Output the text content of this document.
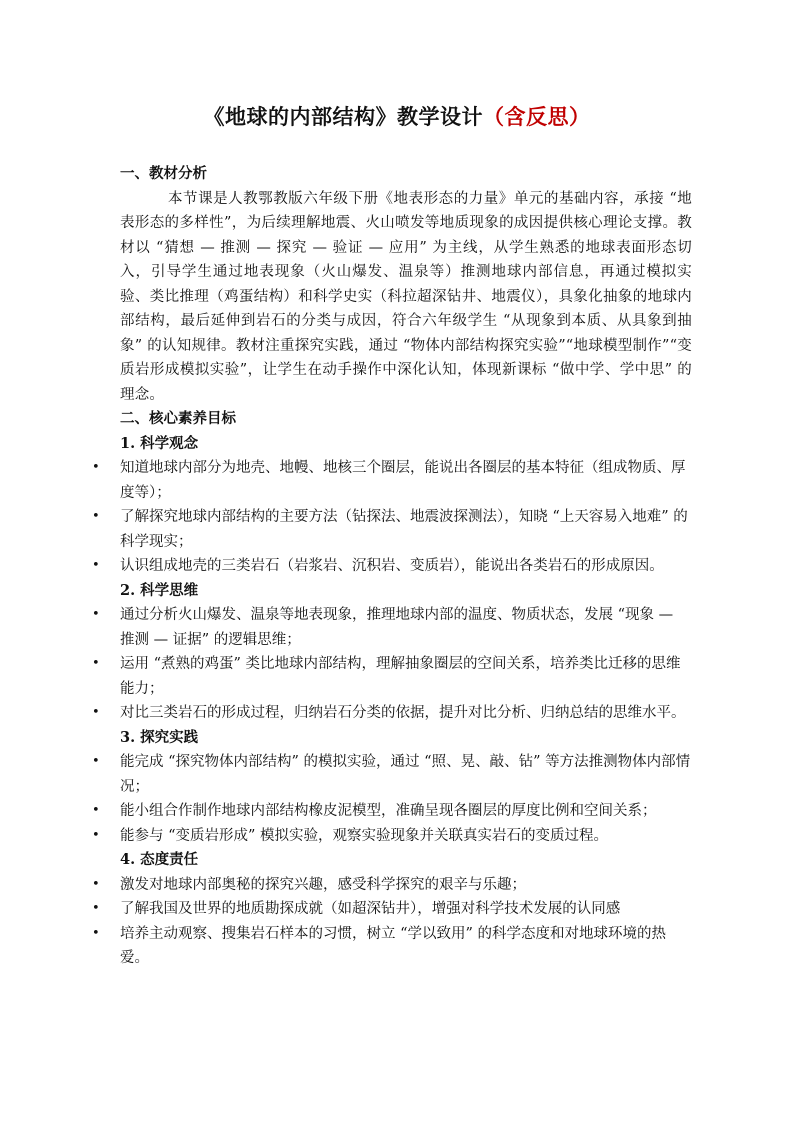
《地球的内部结构》教学设计（含反思）

一、教材分析

本节课是人教鄂教版六年级下册《地表形态的力量》单元的基础内容，承接 “地表形态的多样性”，为后续理解地震、火山喷发等地质现象的成因提供核心理论支撑。教材以 “猜想 — 推测 — 探究 — 验证 — 应用” 为主线，从学生熟悉的地球表面形态切入，引导学生通过地表现象（火山爆发、温泉等）推测地球内部信息，再通过模拟实验、类比推理（鸡蛋结构）和科学史实（科拉超深钻井、地震仪），具象化抽象的地球内部结构，最后延伸到岩石的分类与成因，符合六年级学生 “从现象到本质、从具象到抽象” 的认知规律。教材注重探究实践，通过 “物体内部结构探究实验”“地球模型制作”“变质岩形成模拟实验”，让学生在动手操作中深化认知，体现新课标 “做中学、学中思” 的理念。

二、核心素养目标

1. 科学观念

• 知道地球内部分为地壳、地幔、地核三个圈层，能说出各圈层的基本特征（组成物质、厚度等）；
• 了解探究地球内部结构的主要方法（钻探法、地震波探测法），知晓 “上天容易入地难” 的科学现实；
• 认识组成地壳的三类岩石（岩浆岩、沉积岩、变质岩），能说出各类岩石的形成原因。

2. 科学思维

• 通过分析火山爆发、温泉等地表现象，推理地球内部的温度、物质状态，发展 “现象 — 推测 — 证据” 的逻辑思维；
• 运用 “煮熟的鸡蛋” 类比地球内部结构，理解抽象圈层的空间关系，培养类比迁移的思维能力；
• 对比三类岩石的形成过程，归纳岩石分类的依据，提升对比分析、归纳总结的思维水平。

3. 探究实践

• 能完成 “探究物体内部结构” 的模拟实验，通过 “照、晃、敲、钻” 等方法推测物体内部情况；
• 能小组合作制作地球内部结构橡皮泥模型，准确呈现各圈层的厚度比例和空间关系；
• 能参与 “变质岩形成” 模拟实验，观察实验现象并关联真实岩石的变质过程。

4. 态度责任

• 激发对地球内部奥秘的探究兴趣，感受科学探究的艰辛与乐趣；
• 了解我国及世界的地质勘探成就（如超深钻井），增强对科学技术发展的认同感
• 培养主动观察、搜集岩石样本的习惯，树立 “学以致用” 的科学态度和对地球环境的热爱。
